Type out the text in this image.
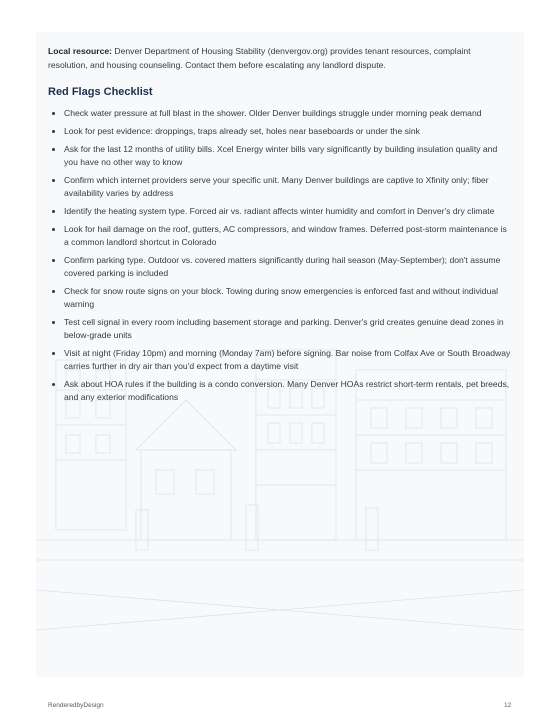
Local resource: Denver Department of Housing Stability (denvergov.org) provides tenant resources, complaint resolution, and housing counseling. Contact them before escalating any landlord dispute.

Red Flags Checklist
Check water pressure at full blast in the shower. Older Denver buildings struggle under morning peak demand
Look for pest evidence: droppings, traps already set, holes near baseboards or under the sink
Ask for the last 12 months of utility bills. Xcel Energy winter bills vary significantly by building insulation quality and you have no other way to know
Confirm which internet providers serve your specific unit. Many Denver buildings are captive to Xfinity only; fiber availability varies by address
Identify the heating system type. Forced air vs. radiant affects winter humidity and comfort in Denver's dry climate
Look for hail damage on the roof, gutters, AC compressors, and window frames. Deferred post-storm maintenance is a common landlord shortcut in Colorado
Confirm parking type. Outdoor vs. covered matters significantly during hail season (May-September); don't assume covered parking is included
Check for snow route signs on your block. Towing during snow emergencies is enforced fast and without individual warning
Test cell signal in every room including basement storage and parking. Denver's grid creates genuine dead zones in below-grade units
Visit at night (Friday 10pm) and morning (Monday 7am) before signing. Bar noise from Colfax Ave or South Broadway carries further in dry air than you'd expect from a daytime visit
Ask about HOA rules if the building is a condo conversion. Many Denver HOAs restrict short-term rentals, pet breeds, and any exterior modifications
RenderedbyDesign	12
